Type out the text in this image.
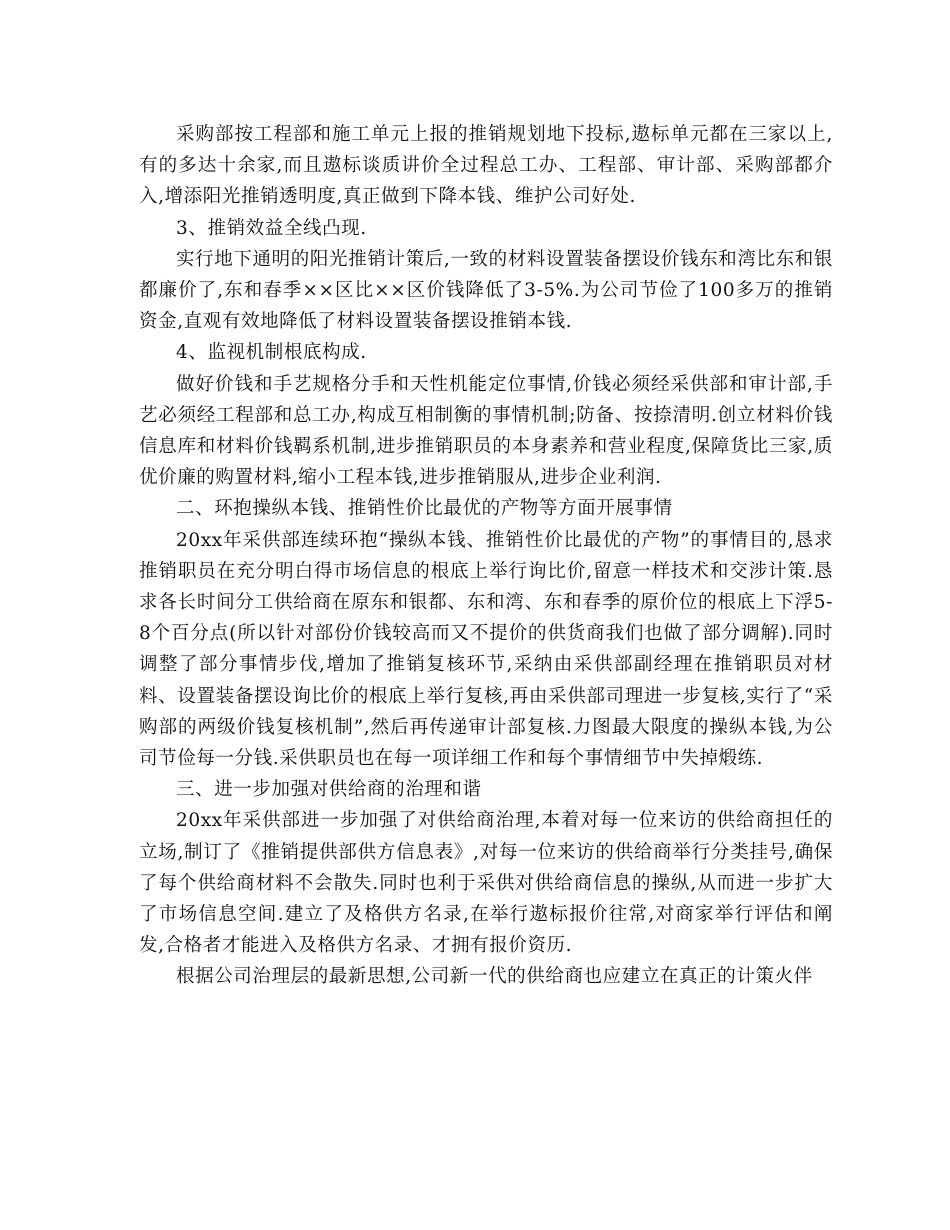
采购部按工程部和施工单元上报的推销规划地下投标,遨标单元都在三家以上,有的多达十余家,而且遨标谈质讲价全过程总工办、工程部、审计部、采购部都介入,增添阳光推销透明度,真正做到下降本钱、维护公司好处.

3、推销效益全线凸现.

实行地下通明的阳光推销计策后,一致的材料设置装备摆设价钱东和湾比东和银都廉价了,东和春季××区比××区价钱降低了3-5%.为公司节俭了100多万的推销资金,直观有效地降低了材料设置装备摆设推销本钱.

4、监视机制根底构成.

做好价钱和手艺规格分手和天性机能定位事情,价钱必须经采供部和审计部,手艺必须经工程部和总工办,构成互相制衡的事情机制;防备、按捺清明.创立材料价钱信息库和材料价钱羁系机制,进步推销职员的本身素养和营业程度,保障货比三家,质优价廉的购置材料,缩小工程本钱,进步推销服从,进步企业利润.

二、环抱操纵本钱、推销性价比最优的产物等方面开展事情

20xx年采供部连续环抱“操纵本钱、推销性价比最优的产物”的事情目的,恳求推销职员在充分明白得市场信息的根底上举行询比价,留意一样技术和交涉计策.恳求各长时间分工供给商在原东和银都、东和湾、东和春季的原价位的根底上下浮5-8个百分点(所以针对部份价钱较高而又不提价的供货商我们也做了部分调解).同时调整了部分事情步伐,增加了推销复核环节,采纳由采供部副经理在推销职员对材料、设置装备摆设询比价的根底上举行复核,再由采供部司理进一步复核,实行了“采购部的两级价钱复核机制”,然后再传递审计部复核.力图最大限度的操纵本钱,为公司节俭每一分钱.采供职员也在每一项详细工作和每个事情细节中失掉煅练.

三、进一步加强对供给商的治理和谐

20xx年采供部进一步加强了对供给商治理,本着对每一位来访的供给商担任的立场,制订了《推销提供部供方信息表》,对每一位来访的供给商举行分类挂号,确保了每个供给商材料不会散失.同时也利于采供对供给商信息的操纵,从而进一步扩大了市场信息空间.建立了及格供方名录,在举行遨标报价往常,对商家举行评估和阐发,合格者才能进入及格供方名录、才拥有报价资历.

根据公司治理层的最新思想,公司新一代的供给商也应建立在真正的计策火伴
